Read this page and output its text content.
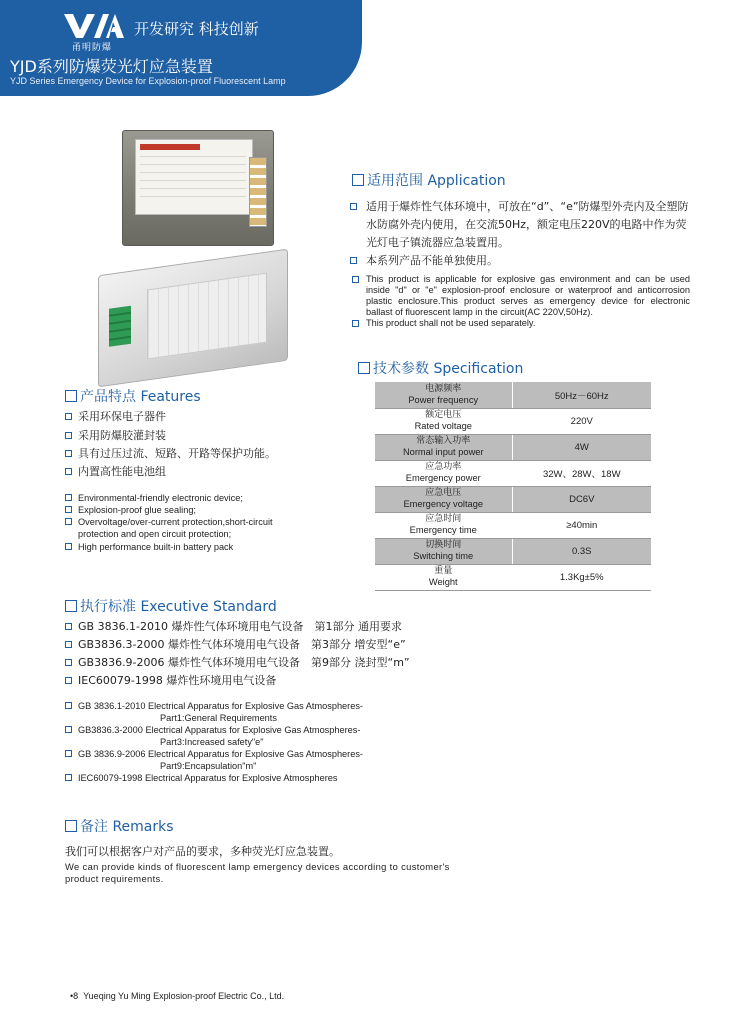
甬明防爆
开发研究 科技创新
YJD系列防爆荧光灯应急装置
YJD Series Emergency Device for Explosion-proof Fluorescent Lamp
适用范围 Application

适用于爆炸性气体环境中，可放在“d”、“e”防爆型外壳内及全塑防水防腐外壳内使用，在交流50Hz，额定电压220V的电路中作为荧光灯电子镇流器应急装置用。

本系列产品不能单独使用。

This product is applicable for explosive gas environment and can be used inside "d" or "e" explosion-proof enclosure or waterproof and anticorrosion plastic enclosure.This product serves as emergency device for electronic ballast of fluorescent lamp in the circuit(AC 220V,50Hz).

This product shall not be used separately.

技术参数 Specification
电源频率
Power frequency	50Hz－60Hz

额定电压
Rated voltage	220V

常态输入功率
Normal input power	4W

应急功率
Emergency power	32W、28W、18W

应急电压
Emergency voltage	DC6V

应急时间
Emergency time	≥40min

切换时间
Switching time	0.3S

重量
Weight	1.3Kg±5%
产品特点 Features
采用环保电子器件
采用防爆胶灌封装
具有过压过流、短路、开路等保护功能。
内置高性能电池组
Environmental-friendly electronic device;
Explosion-proof glue sealing;
Overvoltage/over-current protection,short-circuit
protection and open circuit protection;
High performance built-in battery pack
执行标准 Executive Standard
GB 3836.1-2010 爆炸性气体环境用电气设备　第1部分 通用要求
GB3836.3-2000 爆炸性气体环境用电气设备　第3部分 增安型“e”
GB3836.9-2006 爆炸性气体环境用电气设备　第9部分 浇封型“m”
IEC60079-1998 爆炸性环境用电气设备
GB 3836.1-2010 Electrical Apparatus for Explosive Gas Atmospheres-
Part1:General Requirements
GB3836.3-2000 Electrical Apparatus for Explosive Gas Atmospheres-
Part3:Increased safety"e"
GB 3836.9-2006 Electrical Apparatus for Explosive Gas Atmospheres-
Part9:Encapsulation"m"
IEC60079-1998 Electrical Apparatus for Explosive Atmospheres
备注 Remarks
我们可以根据客户对产品的要求，多种荧光灯应急装置。
We can provide kinds of fluorescent lamp emergency devices according to customer's product requirements.
•8 Yueqing Yu Ming Explosion-proof Electric Co., Ltd.
